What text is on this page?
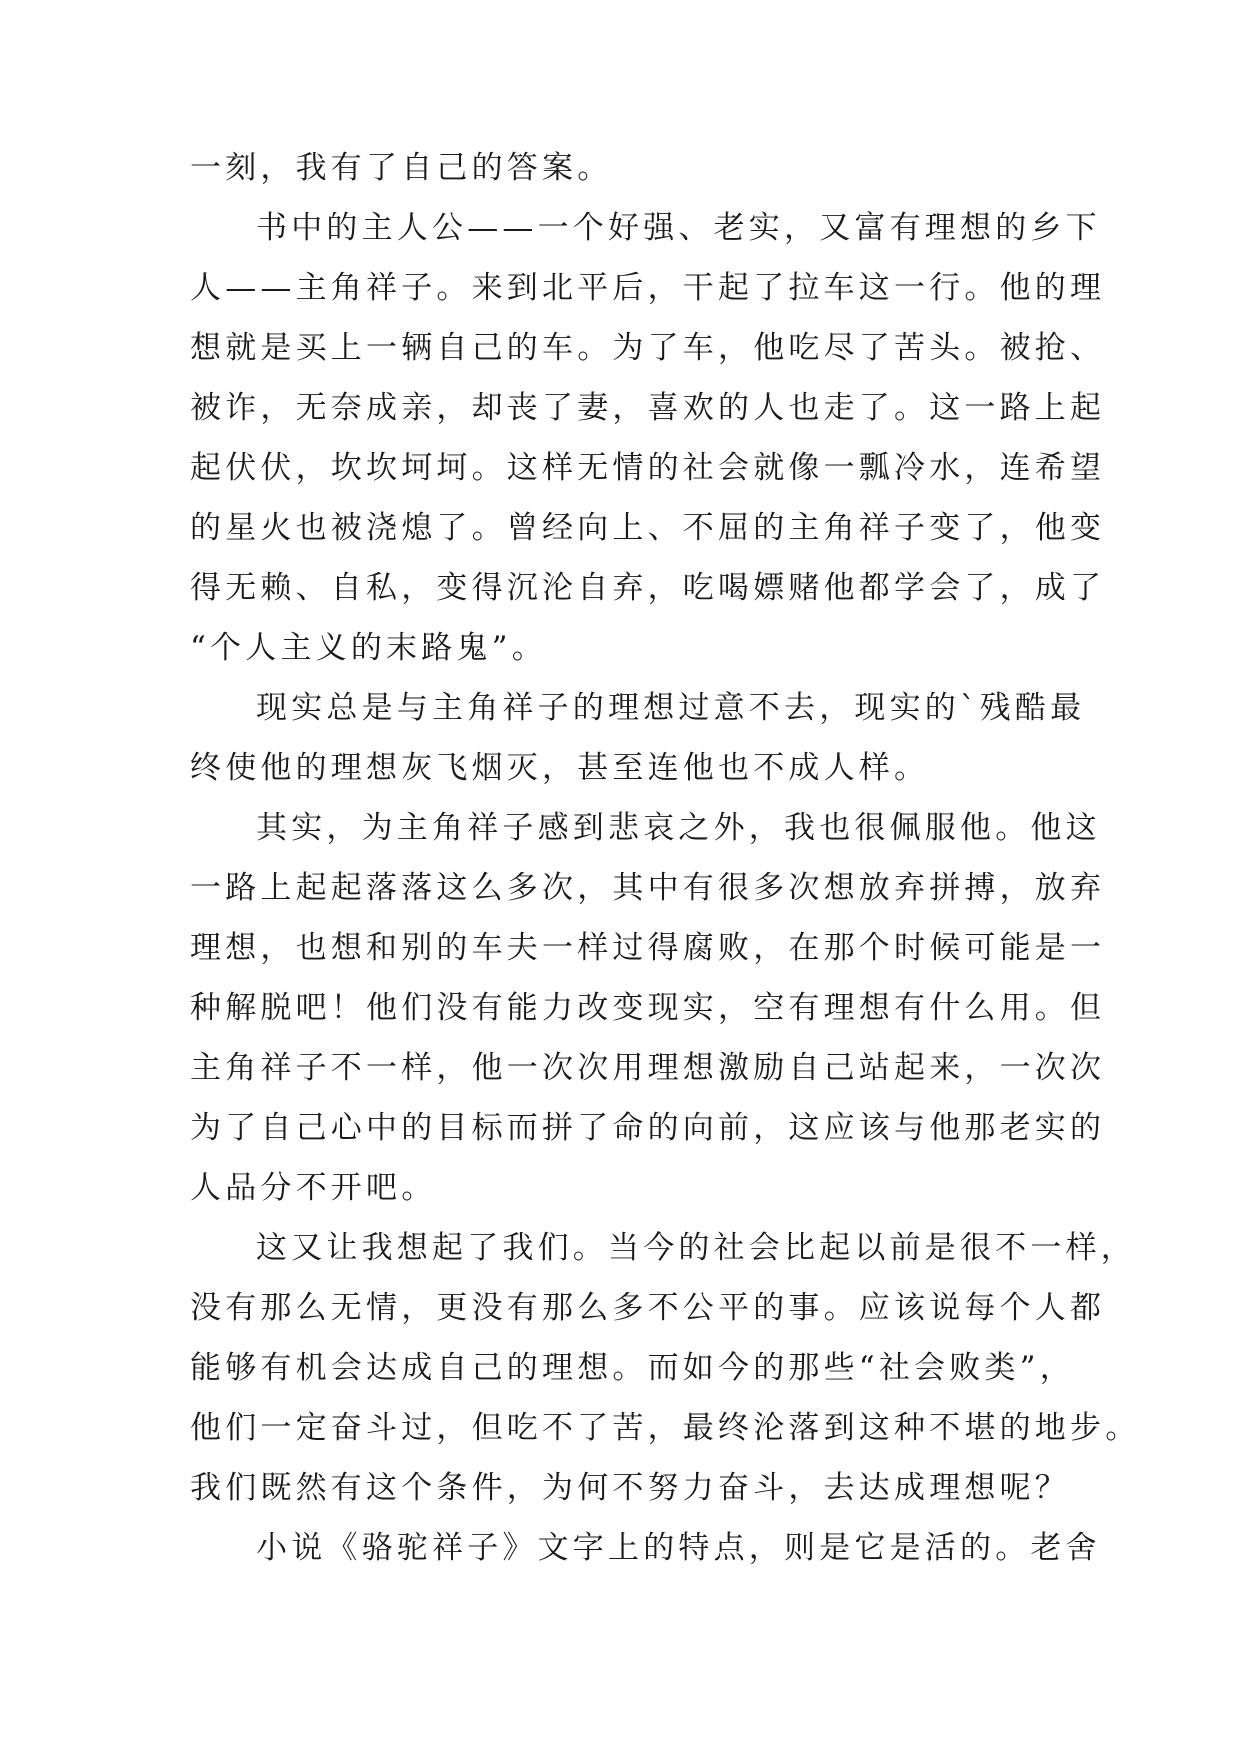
一刻，我有了自己的答案。
书中的主人公——一个好强、老实，又富有理想的乡下
人——主角祥子。来到北平后，干起了拉车这一行。他的理
想就是买上一辆自己的车。为了车，他吃尽了苦头。被抢、
被诈，无奈成亲，却丧了妻，喜欢的人也走了。这一路上起
起伏伏，坎坎坷坷。这样无情的社会就像一瓢冷水，连希望
的星火也被浇熄了。曾经向上、不屈的主角祥子变了，他变
得无赖、自私，变得沉沦自弃，吃喝嫖赌他都学会了，成了
“个人主义的末路鬼”。
现实总是与主角祥子的理想过意不去，现实的`残酷最
终使他的理想灰飞烟灭，甚至连他也不成人样。
其实，为主角祥子感到悲哀之外，我也很佩服他。他这
一路上起起落落这么多次，其中有很多次想放弃拼搏，放弃
理想，也想和别的车夫一样过得腐败，在那个时候可能是一
种解脱吧！他们没有能力改变现实，空有理想有什么用。但
主角祥子不一样，他一次次用理想激励自己站起来，一次次
为了自己心中的目标而拼了命的向前，这应该与他那老实的
人品分不开吧。
这又让我想起了我们。当今的社会比起以前是很不一样，
没有那么无情，更没有那么多不公平的事。应该说每个人都
能够有机会达成自己的理想。而如今的那些“社会败类”，
他们一定奋斗过，但吃不了苦，最终沦落到这种不堪的地步。
我们既然有这个条件，为何不努力奋斗，去达成理想呢？
小说《骆驼祥子》文字上的特点，则是它是活的。老舍
